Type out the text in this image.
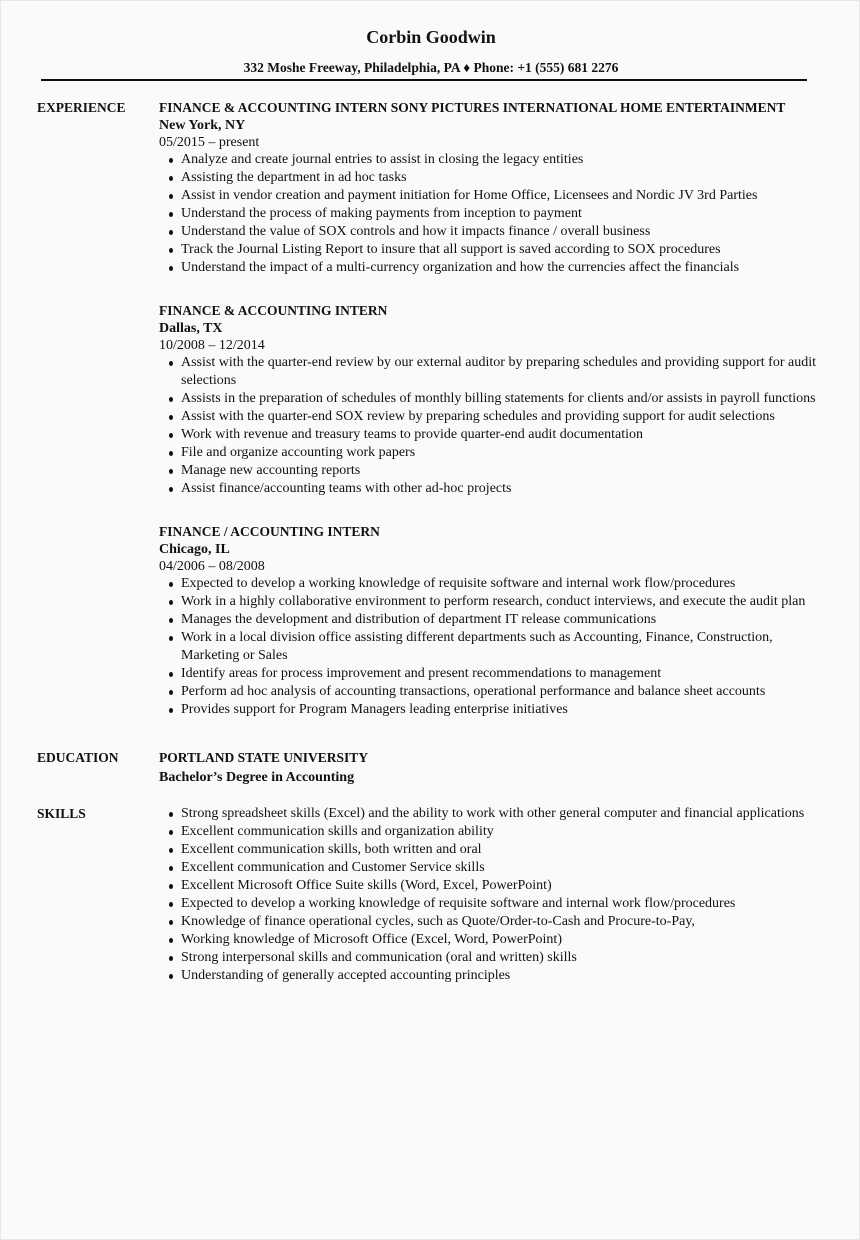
Corbin Goodwin
332 Moshe Freeway, Philadelphia, PA ♦ Phone: +1 (555) 681 2276
EXPERIENCE	FINANCE & ACCOUNTING INTERN SONY PICTURES INTERNATIONAL HOME ENTERTAINMENT
New York, NY
05/2015 – present
Analyze and create journal entries to assist in closing the legacy entities
Assisting the department in ad hoc tasks
Assist in vendor creation and payment initiation for Home Office, Licensees and Nordic JV 3rd Parties
Understand the process of making payments from inception to payment
Understand the value of SOX controls and how it impacts finance / overall business
Track the Journal Listing Report to insure that all support is saved according to SOX procedures
Understand the impact of a multi-currency organization and how the currencies affect the financials
FINANCE & ACCOUNTING INTERN
Dallas, TX
10/2008 – 12/2014
Assist with the quarter-end review by our external auditor by preparing schedules and providing support for audit selections
Assists in the preparation of schedules of monthly billing statements for clients and/or assists in payroll functions
Assist with the quarter-end SOX review by preparing schedules and providing support for audit selections
Work with revenue and treasury teams to provide quarter-end audit documentation
File and organize accounting work papers
Manage new accounting reports
Assist finance/accounting teams with other ad-hoc projects
FINANCE / ACCOUNTING INTERN
Chicago, IL
04/2006 – 08/2008
Expected to develop a working knowledge of requisite software and internal work flow/procedures
Work in a highly collaborative environment to perform research, conduct interviews, and execute the audit plan
Manages the development and distribution of department IT release communications
Work in a local division office assisting different departments such as Accounting, Finance, Construction, Marketing or Sales
Identify areas for process improvement and present recommendations to management
Perform ad hoc analysis of accounting transactions, operational performance and balance sheet accounts
Provides support for Program Managers leading enterprise initiatives
EDUCATION	PORTLAND STATE UNIVERSITY
Bachelor’s Degree in Accounting
SKILLS	Strong spreadsheet skills (Excel) and the ability to work with other general computer and financial applications
Excellent communication skills and organization ability
Excellent communication skills, both written and oral
Excellent communication and Customer Service skills
Excellent Microsoft Office Suite skills (Word, Excel, PowerPoint)
Expected to develop a working knowledge of requisite software and internal work flow/procedures
Knowledge of finance operational cycles, such as Quote/Order-to-Cash and Procure-to-Pay,
Working knowledge of Microsoft Office (Excel, Word, PowerPoint)
Strong interpersonal skills and communication (oral and written) skills
Understanding of generally accepted accounting principles
